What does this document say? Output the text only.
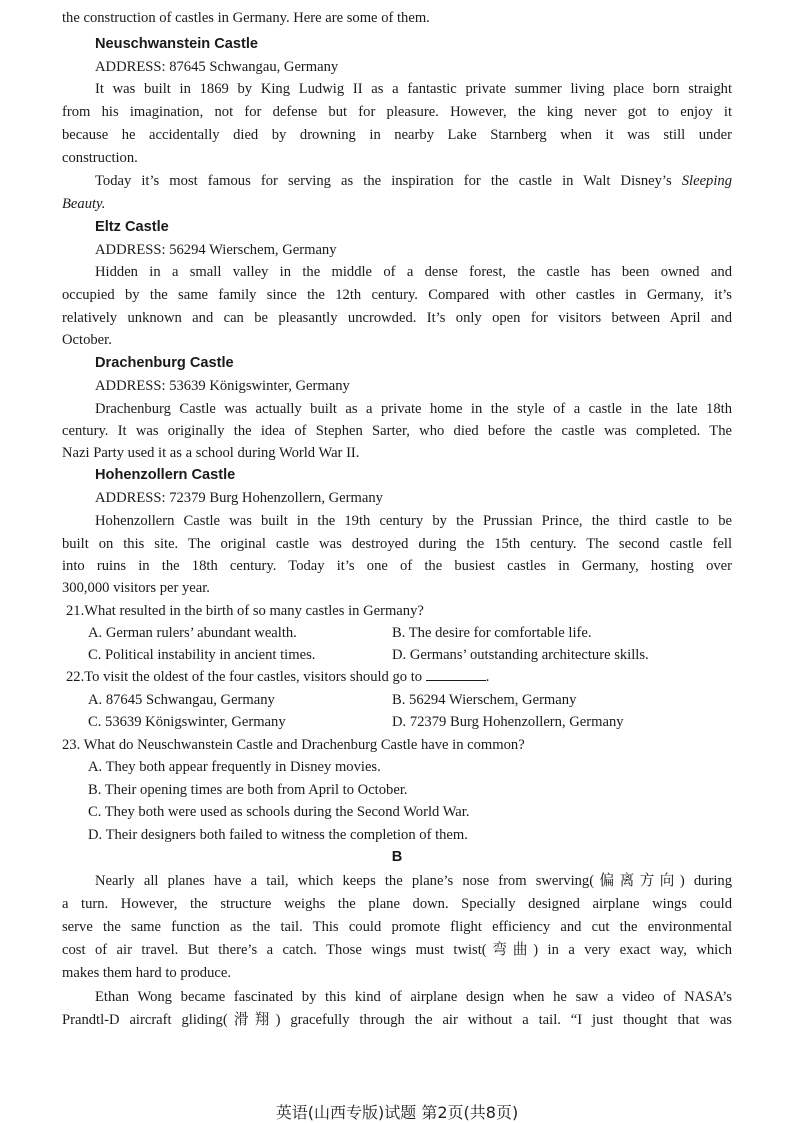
the construction of castles in Germany. Here are some of them.
Neuschwanstein Castle
ADDRESS: 87645 Schwangau, Germany
It was built in 1869 by King Ludwig II as a fantastic private summer living place born straight
from his imagination, not for defense but for pleasure. However, the king never got to enjoy it
because he accidentally died by drowning in nearby Lake Starnberg when it was still under
construction.
Today it’s most famous for serving as the inspiration for the castle in Walt Disney’s Sleeping
Beauty.
Eltz Castle
ADDRESS: 56294 Wierschem, Germany
Hidden in a small valley in the middle of a dense forest, the castle has been owned and
occupied by the same family since the 12th century. Compared with other castles in Germany, it’s
relatively unknown and can be pleasantly uncrowded. It’s only open for visitors between April and
October.
Drachenburg Castle
ADDRESS: 53639 Königswinter, Germany
Drachenburg Castle was actually built as a private home in the style of a castle in the late 18th
century. It was originally the idea of Stephen Sarter, who died before the castle was completed. The
Nazi Party used it as a school during World War II.
Hohenzollern Castle
ADDRESS: 72379 Burg Hohenzollern, Germany
Hohenzollern Castle was built in the 19th century by the Prussian Prince, the third castle to be
built on this site. The original castle was destroyed during the 15th century. The second castle fell
into ruins in the 18th century. Today it’s one of the busiest castles in Germany, hosting over
300,000 visitors per year.
21.What resulted in the birth of so many castles in Germany?
A. German rulers’ abundant wealth.	B. The desire for comfortable life.
C. Political instability in ancient times.	D. Germans’ outstanding architecture skills.
22.To visit the oldest of the four castles, visitors should go to	.
A. 87645 Schwangau, Germany	B. 56294 Wierschem, Germany
C. 53639 Königswinter, Germany	D. 72379 Burg Hohenzollern, Germany
23. What do Neuschwanstein Castle and Drachenburg Castle have in common?
A. They both appear frequently in Disney movies.
B. Their opening times are both from April to October.
C. They both were used as schools during the Second World War.
D. Their designers both failed to witness the completion of them.
B
Nearly all planes have a tail, which keeps the plane’s nose from swerving(偏离方向) during
a turn. However, the structure weighs the plane down. Specially designed airplane wings could
serve the same function as the tail. This could promote flight efficiency and cut the environmental
cost of air travel. But there’s a catch. Those wings must twist(弯曲) in a very exact way, which
makes them hard to produce.
Ethan Wong became fascinated by this kind of airplane design when he saw a video of NASA’s
Prandtl-D aircraft gliding(滑翔) gracefully through the air without a tail. “I just thought that was
英语(山西专版)试题 第2页(共8页)
